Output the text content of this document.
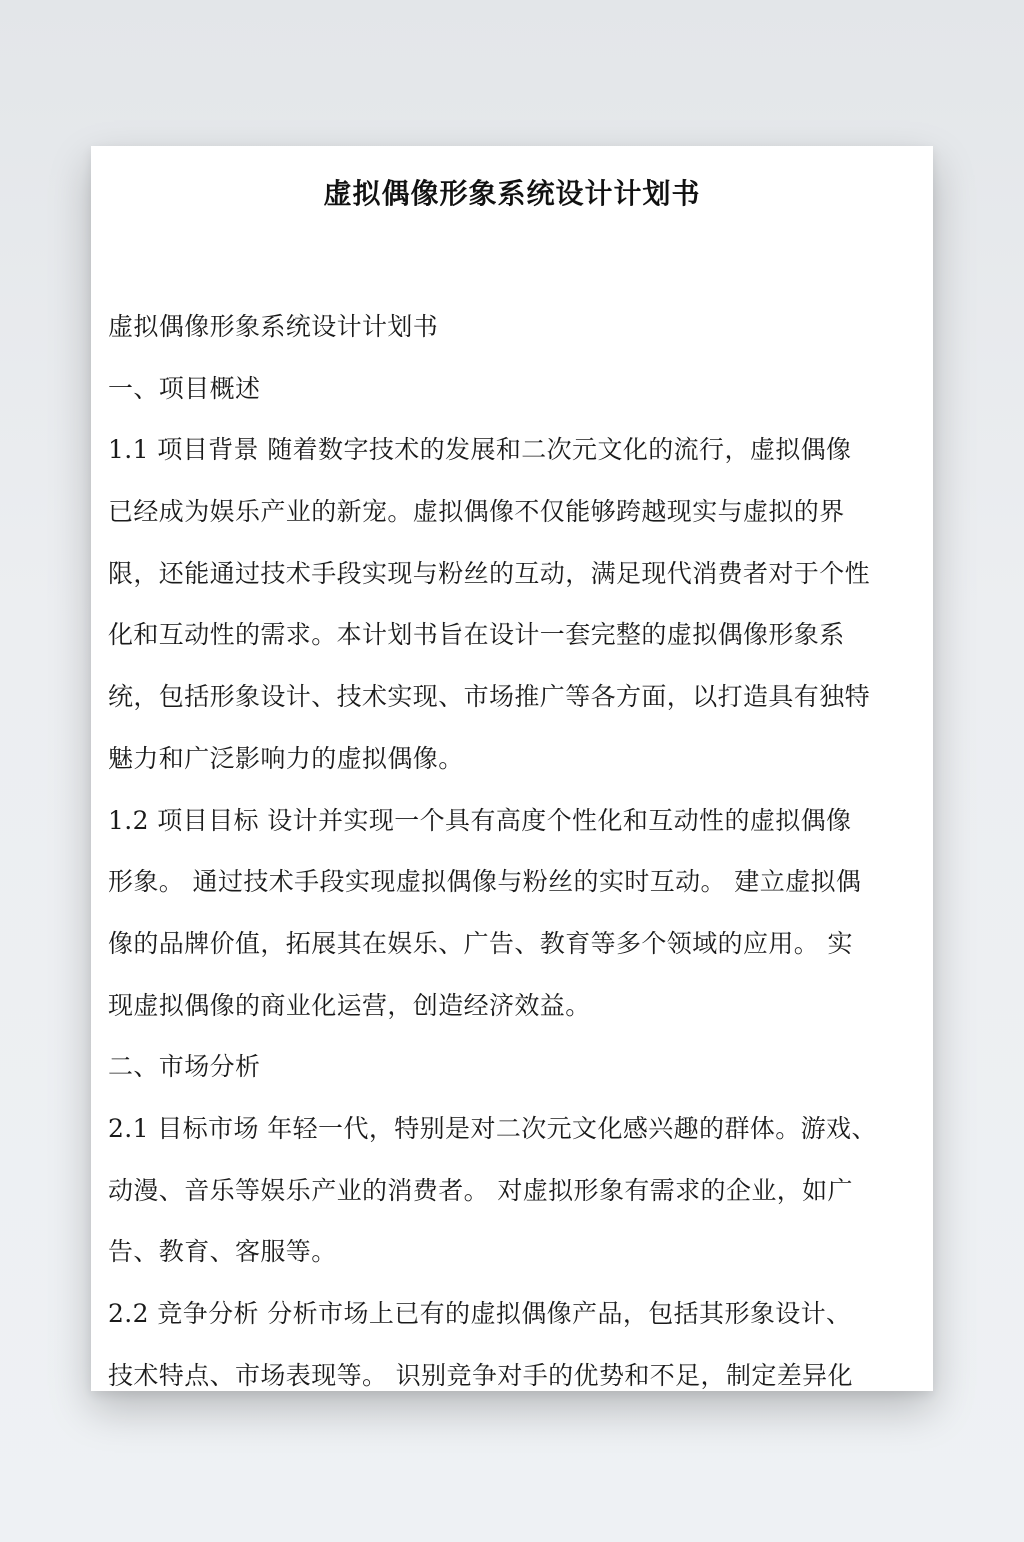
虚拟偶像形象系统设计计划书
虚拟偶像形象系统设计计划书
一、项目概述
1.1 项目背景 随着数字技术的发展和二次元文化的流行，虚拟偶像
已经成为娱乐产业的新宠。虚拟偶像不仅能够跨越现实与虚拟的界
限，还能通过技术手段实现与粉丝的互动，满足现代消费者对于个性
化和互动性的需求。本计划书旨在设计一套完整的虚拟偶像形象系
统，包括形象设计、技术实现、市场推广等各方面，以打造具有独特
魅力和广泛影响力的虚拟偶像。
1.2 项目目标 设计并实现一个具有高度个性化和互动性的虚拟偶像
形象。 通过技术手段实现虚拟偶像与粉丝的实时互动。 建立虚拟偶
像的品牌价值，拓展其在娱乐、广告、教育等多个领域的应用。 实
现虚拟偶像的商业化运营，创造经济效益。
二、市场分析
2.1 目标市场 年轻一代，特别是对二次元文化感兴趣的群体。游戏、
动漫、音乐等娱乐产业的消费者。 对虚拟形象有需求的企业，如广
告、教育、客服等。
2.2 竞争分析 分析市场上已有的虚拟偶像产品，包括其形象设计、
技术特点、市场表现等。 识别竞争对手的优势和不足，制定差异化
